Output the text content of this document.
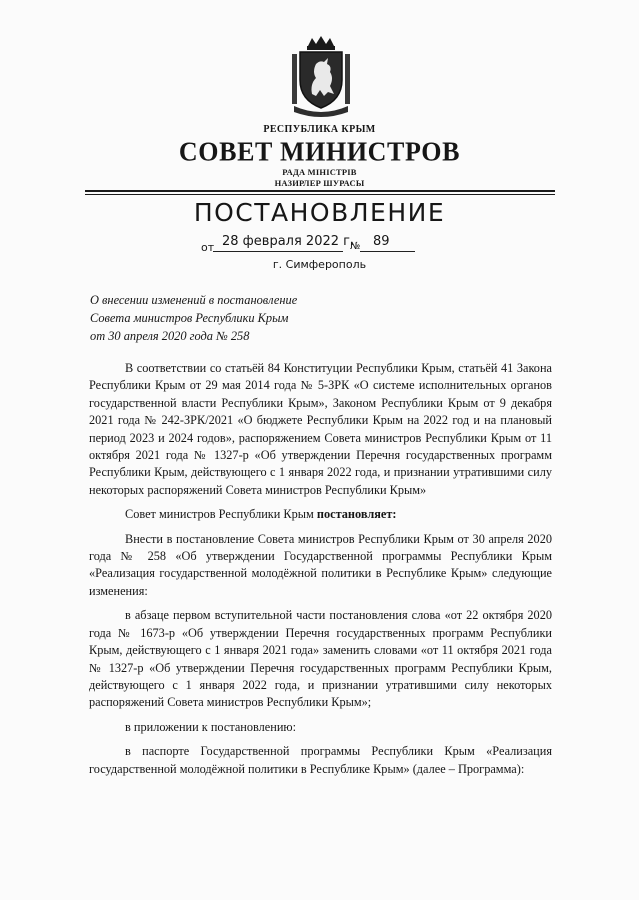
РЕСПУБЛИКА КРЫМ
СОВЕТ МИНИСТРОВ
РАДА МІНІСТРІВ
НАЗИРЛЕР ШУРАСЫ
ПОСТАНОВЛЕНИЕ
от 28 февраля 2022 г.
№ 89
г. Симферополь
О внесении изменений в постановление
Совета министров Республики Крым
от 30 апреля 2020 года № 258

В соответствии со статьёй 84 Конституции Республики Крым, статьёй 41 Закона Республики Крым от 29 мая 2014 года № 5-ЗРК «О системе исполнительных органов государственной власти Республики Крым», Законом Республики Крым от 9 декабря 2021 года № 242-ЗРК/2021 «О бюджете Республики Крым на 2022 год и на плановый период 2023 и 2024 годов», распоряжением Совета министров Республики Крым от 11 октября 2021 года № 1327-р «Об утверждении Перечня государственных программ Республики Крым, действующего с 1 января 2022 года, и признании утратившими силу некоторых распоряжений Совета министров Республики Крым»

Совет министров Республики Крым постановляет:

Внести в постановление Совета министров Республики Крым от 30 апреля 2020 года № 258 «Об утверждении Государственной программы Республики Крым «Реализация государственной молодёжной политики в Республике Крым» следующие изменения:

в абзаце первом вступительной части постановления слова «от 22 октября 2020 года № 1673-р «Об утверждении Перечня государственных программ Республики Крым, действующего с 1 января 2021 года» заменить словами «от 11 октября 2021 года № 1327-р «Об утверждении Перечня государственных программ Республики Крым, действующего с 1 января 2022 года, и признании утратившими силу некоторых распоряжений Совета министров Республики Крым»;

в приложении к постановлению:

в паспорте Государственной программы Республики Крым «Реализация государственной молодёжной политики в Республике Крым» (далее – Программа):
